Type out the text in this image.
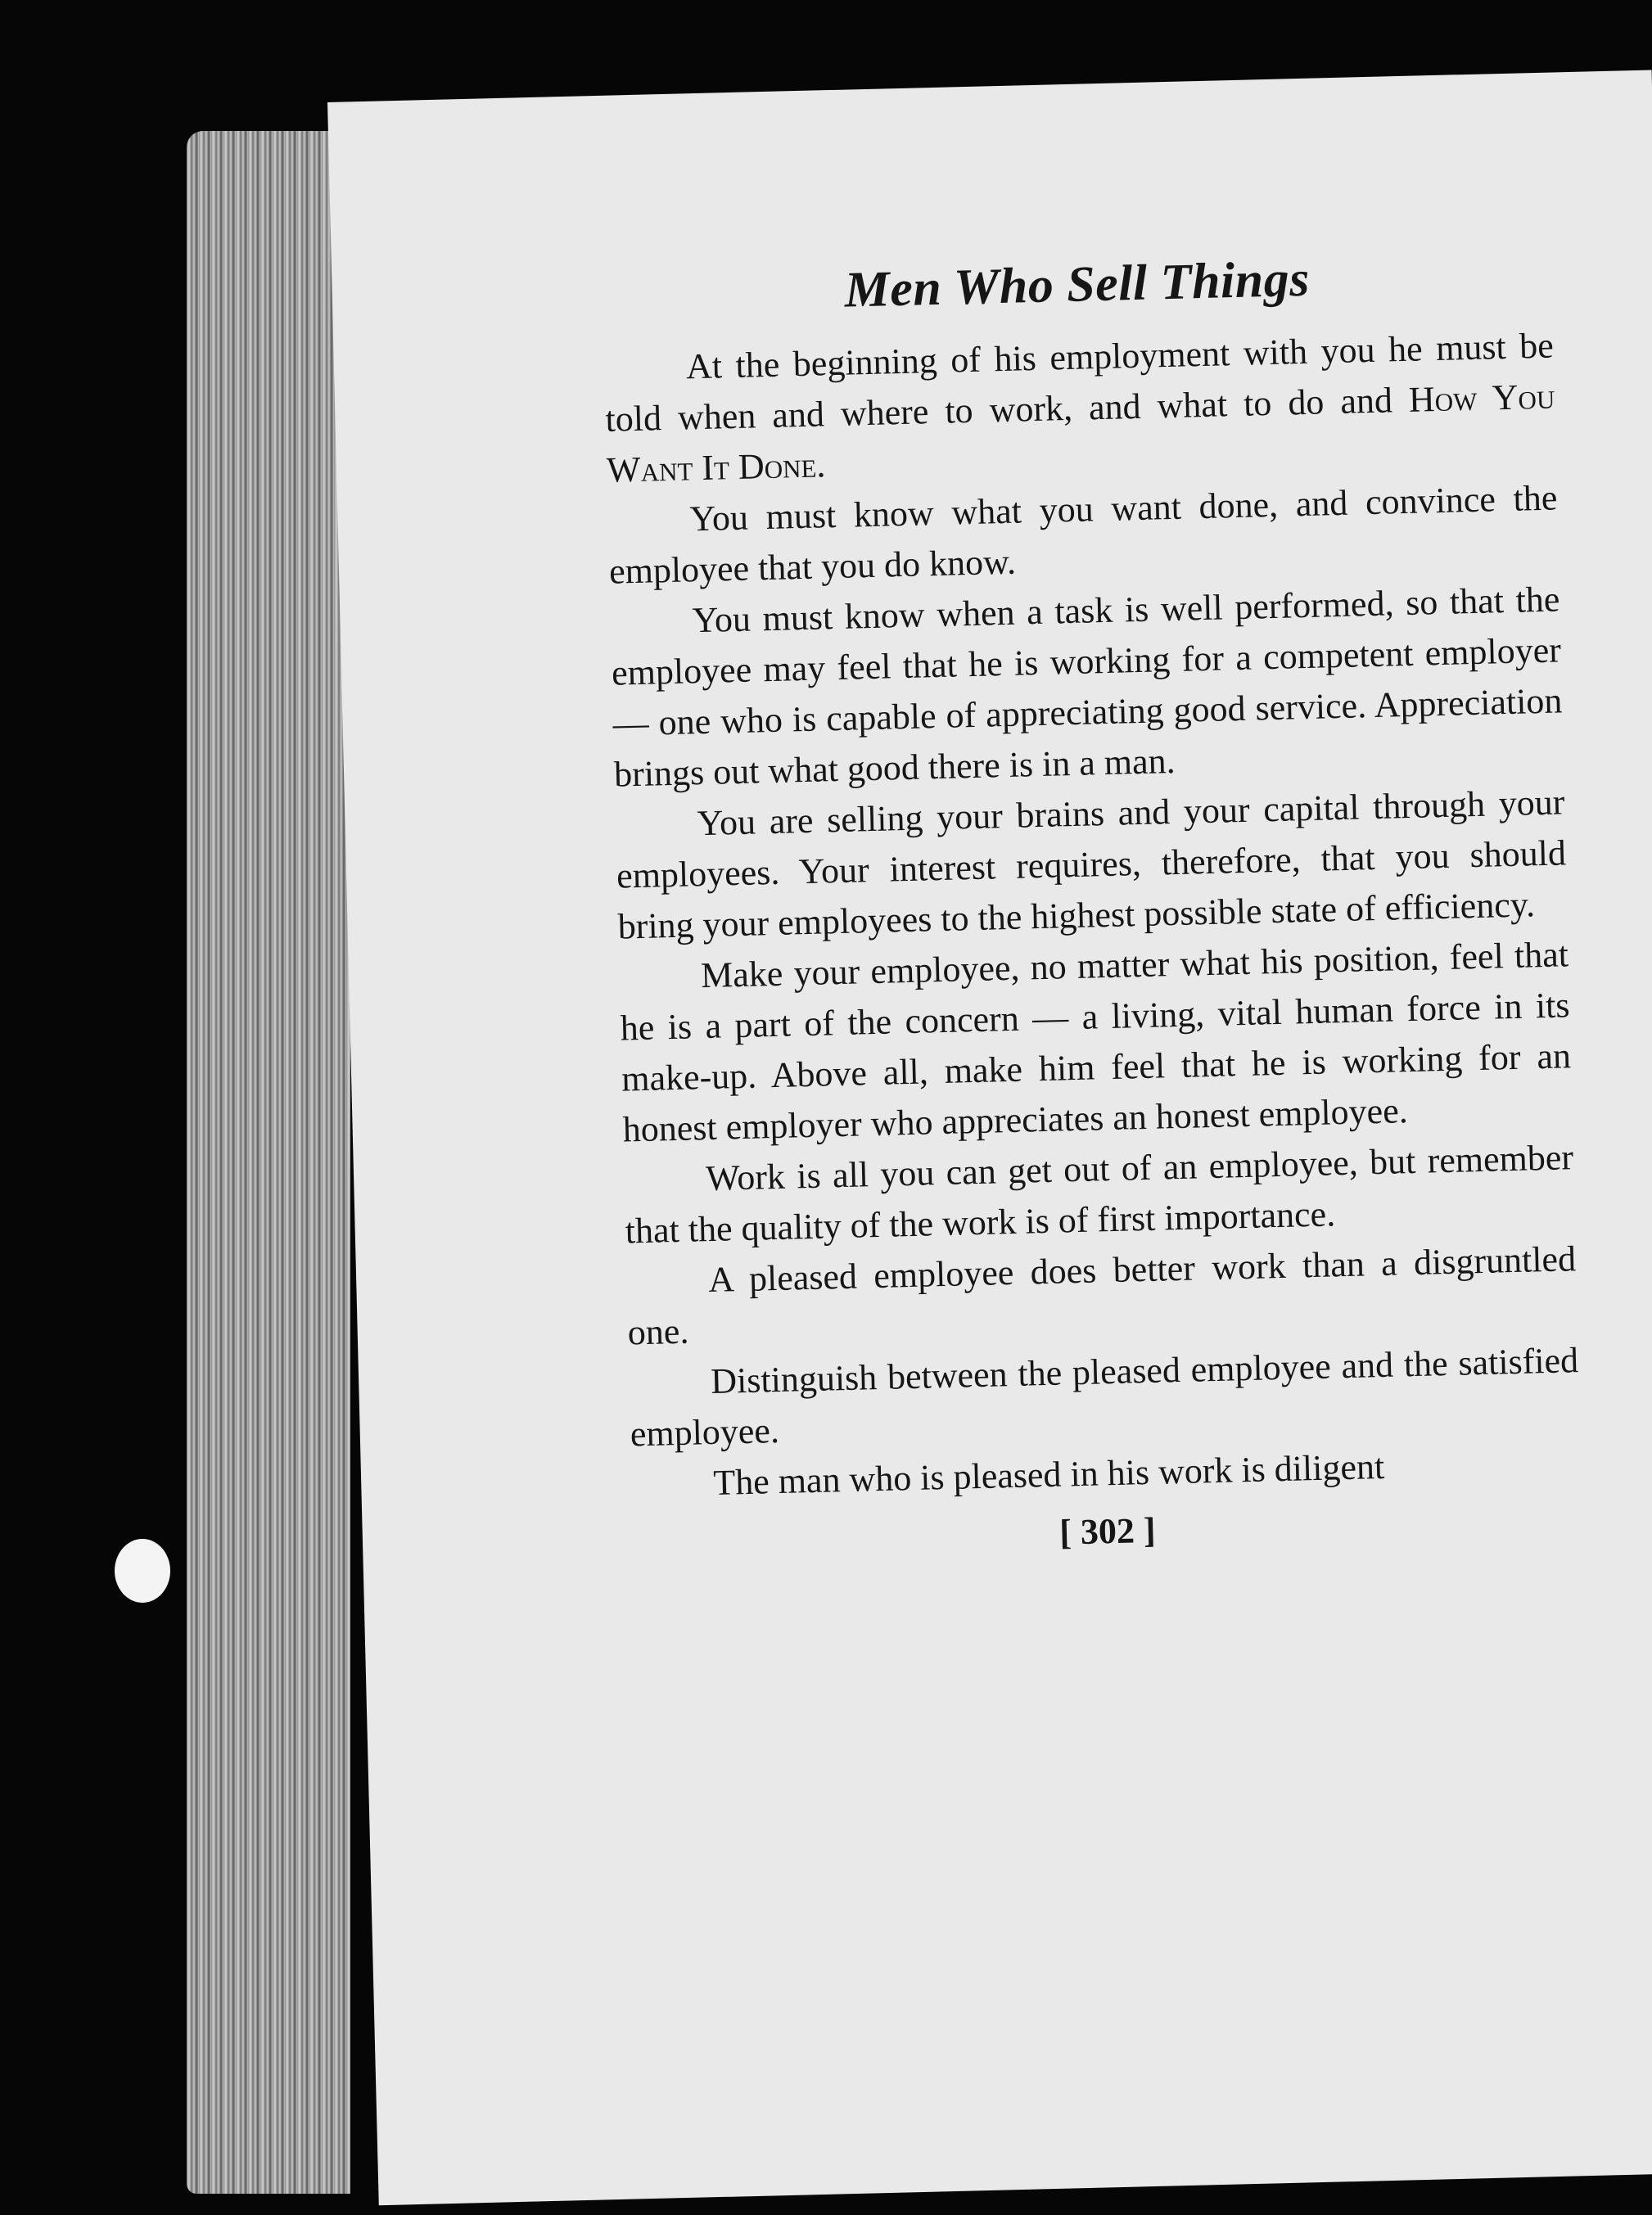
Men Who Sell Things

At the beginning of his employment with you he must be told when and where to work, and what to do and How You Want It Done.

You must know what you want done, and convince the employee that you do know.

You must know when a task is well performed, so that the employee may feel that he is working for a competent employer — one who is capable of appreciating good service. Appreciation brings out what good there is in a man.

You are selling your brains and your capital through your employees. Your interest requires, therefore, that you should bring your employees to the highest possible state of efficiency.

Make your employee, no matter what his position, feel that he is a part of the concern — a living, vital human force in its make-up. Above all, make him feel that he is working for an honest employer who appreciates an honest employee.

Work is all you can get out of an employee, but remember that the quality of the work is of first importance.

A pleased employee does better work than a disgruntled one.

Distinguish between the pleased employee and the satisfied employee.

The man who is pleased in his work is diligent

[ 302 ]
